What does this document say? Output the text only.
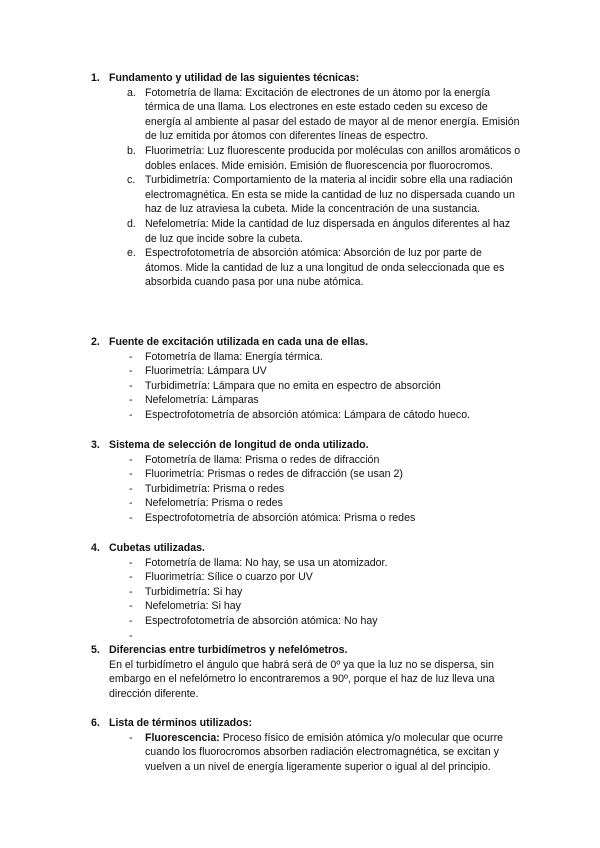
1. Fundamento y utilidad de las siguientes técnicas:
a. Fotometría de llama: Excitación de electrones de un átomo por la energía térmica de una llama. Los electrones en este estado ceden su exceso de energía al ambiente al pasar del estado de mayor al de menor energía. Emisión de luz emitida por átomos con diferentes líneas de espectro.
b. Fluorimetría: Luz fluorescente producida por moléculas con anillos aromáticos o dobles enlaces. Mide emisión. Emisión de fluorescencia por fluorocromos.
c. Turbidimetría: Comportamiento de la materia al incidir sobre ella una radiación electromagnética. En esta se mide la cantidad de luz no dispersada cuando un haz de luz atraviesa la cubeta. Mide la concentración de una sustancia.
d. Nefelometría: Mide la cantidad de luz dispersada en ángulos diferentes al haz de luz que incide sobre la cubeta.
e. Espectrofotometría de absorción atómica: Absorción de luz por parte de átomos. Mide la cantidad de luz a una longitud de onda seleccionada que es absorbida cuando pasa por una nube atómica.
2. Fuente de excitación utilizada en cada una de ellas.
- Fotometría de llama: Energía térmica.
- Fluorimetría: Lámpara UV
- Turbidimetría: Lámpara que no emita en espectro de absorción
- Nefelometría: Lámparas
- Espectrofotometría de absorción atómica: Lámpara de cátodo hueco.
3. Sistema de selección de longitud de onda utilizado.
- Fotometría de llama: Prisma o redes de difracción
- Fluorimetría: Prismas o redes de difracción (se usan 2)
- Turbidimetría: Prisma o redes
- Nefelometría: Prisma o redes
- Espectrofotometría de absorción atómica: Prisma o redes
4. Cubetas utilizadas.
- Fotometría de llama: No hay, se usa un atomizador.
- Fluorimetría: Sílice o cuarzo por UV
- Turbidimetría: Si hay
- Nefelometría: Si hay
- Espectrofotometría de absorción atómica: No hay
-
5. Diferencias entre turbidímetros y nefelómetros.
En el turbidímetro el ángulo que habrá será de 0º ya que la luz no se dispersa, sin embargo en el nefelómetro lo encontraremos a 90º, porque el haz de luz lleva una dirección diferente.
6. Lista de términos utilizados:
- Fluorescencia: Proceso físico de emisión atómica y/o molecular que ocurre cuando los fluorocromos absorben radiación electromagnética, se excitan y vuelven a un nivel de energía ligeramente superior o igual al del principio.
